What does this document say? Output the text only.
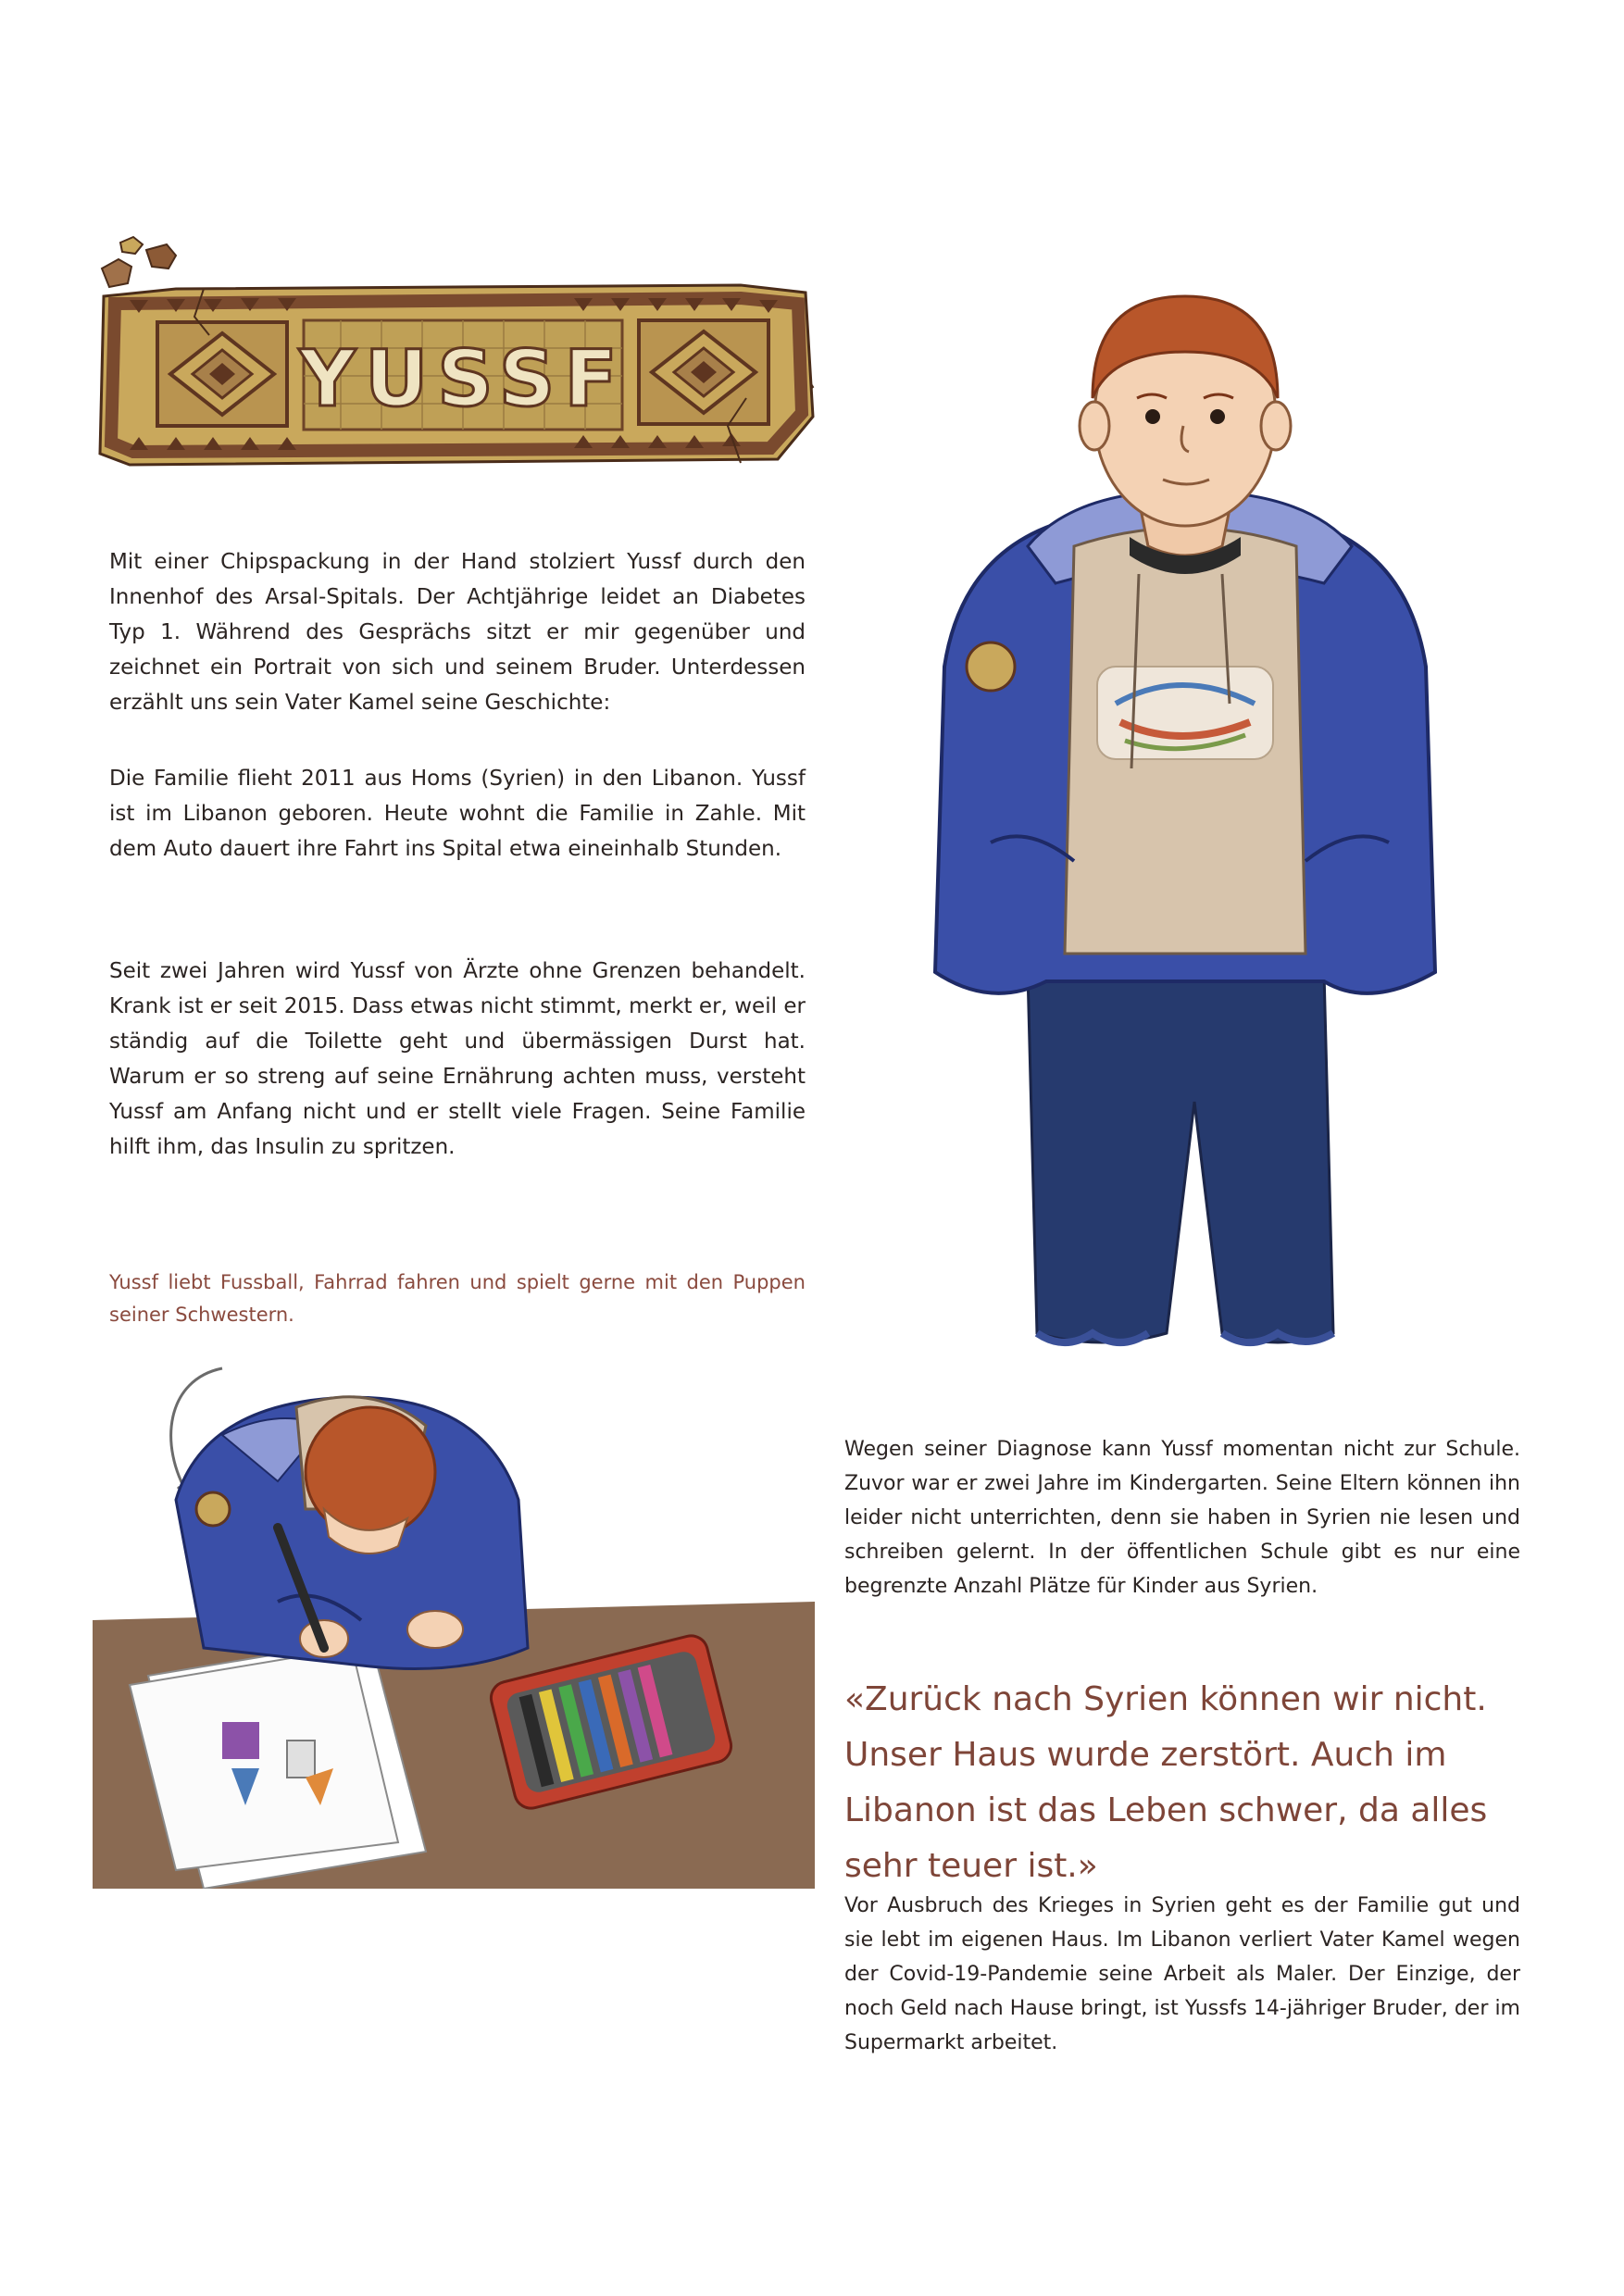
YUSSF

Mit einer Chipspackung in der Hand stolziert Yussf durch den Innenhof des Arsal-Spitals. Der Achtjährige leidet an Diabetes Typ 1. Während des Gesprächs sitzt er mir gegenüber und zeichnet ein Portrait von sich und seinem Bruder. Unterdessen erzählt uns sein Vater Kamel seine Geschichte:

Die Familie flieht 2011 aus Homs (Syrien) in den Libanon. Yussf ist im Libanon geboren. Heute wohnt die Familie in Zahle. Mit dem Auto dauert ihre Fahrt ins Spital etwa eineinhalb Stunden.

Seit zwei Jahren wird Yussf von Ärzte ohne Grenzen behandelt. Krank ist er seit 2015. Dass etwas nicht stimmt, merkt er, weil er ständig auf die Toilette geht und übermässigen Durst hat. Warum er so streng auf seine Ernährung achten muss, versteht Yussf am Anfang nicht und er stellt viele Fragen. Seine Familie hilft ihm, das Insulin zu spritzen.

Yussf liebt Fussball, Fahrrad fahren und spielt gerne mit den Puppen seiner Schwestern.

Wegen seiner Diagnose kann Yussf momentan nicht zur Schule. Zuvor war er zwei Jahre im Kindergarten. Seine Eltern können ihn leider nicht unterrichten, denn sie haben in Syrien nie lesen und schreiben gelernt. In der öffentlichen Schule gibt es nur eine begrenzte Anzahl Plätze für Kinder aus Syrien.

«Zurück nach Syrien können wir nicht. Unser Haus wurde zerstört. Auch im Libanon ist das Leben schwer, da alles sehr teuer ist.»

Vor Ausbruch des Krieges in Syrien geht es der Familie gut und sie lebt im eigenen Haus. Im Libanon verliert Vater Kamel wegen der Covid-19-Pandemie seine Arbeit als Maler. Der Einzige, der noch Geld nach Hause bringt, ist Yussfs 14-jähriger Bruder, der im Supermarkt arbeitet.
